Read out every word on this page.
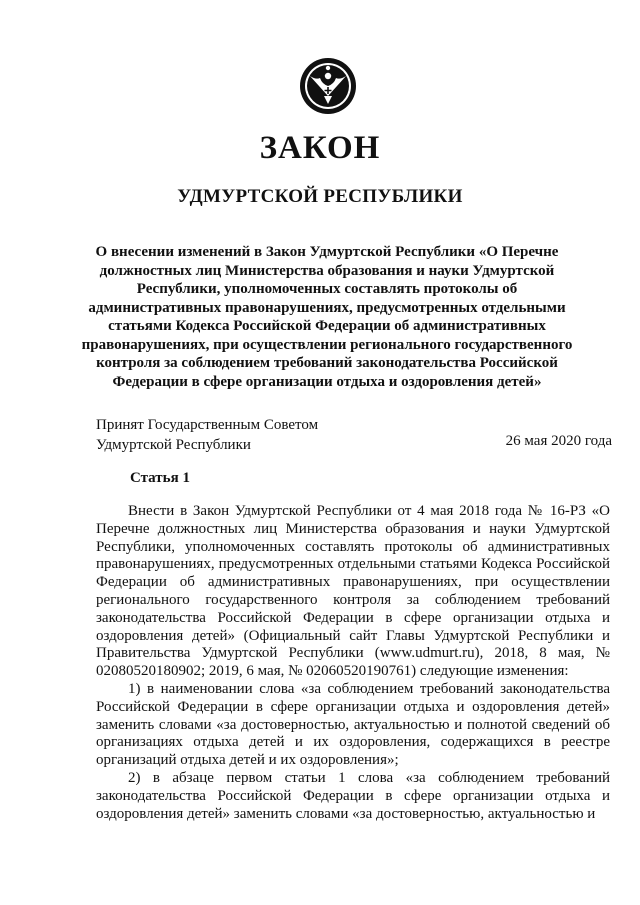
ЗАКОН
УДМУРТСКОЙ РЕСПУБЛИКИ

О внесении изменений в Закон Удмуртской Республики «О Перечне должностных лиц Министерства образования и науки Удмуртской Республики, уполномоченных составлять протоколы об административных правонарушениях, предусмотренных отдельными статьями Кодекса Российской Федерации об административных правонарушениях, при осуществлении регионального государственного контроля за соблюдением требований законодательства Российской Федерации в сфере организации отдыха и оздоровления детей»

Принят Государственным Советом
Удмуртской Республики	26 мая 2020 года

Статья 1

Внести в Закон Удмуртской Республики от 4 мая 2018 года № 16-РЗ «О Перечне должностных лиц Министерства образования и науки Удмуртской Республики, уполномоченных составлять протоколы об административных правонарушениях, предусмотренных отдельными статьями Кодекса Российской Федерации об административных правонарушениях, при осуществлении регионального государственного контроля за соблюдением требований законодательства Российской Федерации в сфере организации отдыха и оздоровления детей» (Официальный сайт Главы Удмуртской Республики и Правительства Удмуртской Республики (www.udmurt.ru), 2018, 8 мая, № 02080520180902; 2019, 6 мая, № 02060520190761) следующие изменения:

1) в наименовании слова «за соблюдением требований законодательства Российской Федерации в сфере организации отдыха и оздоровления детей» заменить словами «за достоверностью, актуальностью и полнотой сведений об организациях отдыха детей и их оздоровления, содержащихся в реестре организаций отдыха детей и их оздоровления»;

2) в абзаце первом статьи 1 слова «за соблюдением требований законодательства Российской Федерации в сфере организации отдыха и оздоровления детей» заменить словами «за достоверностью, актуальностью и
